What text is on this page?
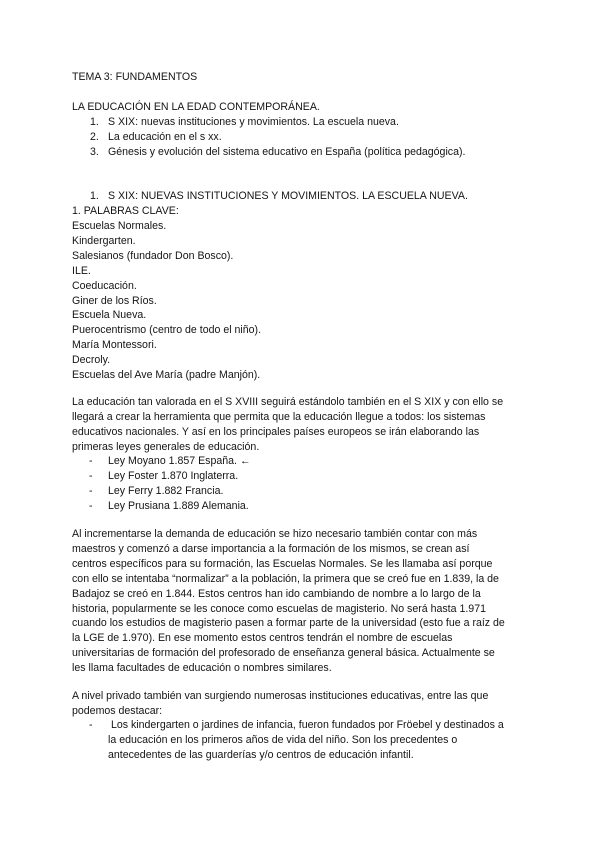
TEMA 3: FUNDAMENTOS
LA EDUCACIÓN EN LA EDAD CONTEMPORÁNEA.
1. S XIX: nuevas instituciones y movimientos. La escuela nueva.
2. La educación en el s xx.
3. Génesis y evolución del sistema educativo en España (política pedagógica).
1. S XIX: NUEVAS INSTITUCIONES Y MOVIMIENTOS. LA ESCUELA NUEVA.
1. PALABRAS CLAVE:
Escuelas Normales.
Kindergarten.
Salesianos (fundador Don Bosco).
ILE.
Coeducación.
Giner de los Ríos.
Escuela Nueva.
Puerocentrismo (centro de todo el niño).
María Montessori.
Decroly.
Escuelas del Ave María (padre Manjón).
La educación tan valorada en el S XVIII seguirá estándolo también en el S XIX y con ello se
llegará a crear la herramienta que permita que la educación llegue a todos: los sistemas
educativos nacionales. Y así en los principales países europeos se irán elaborando las
primeras leyes generales de educación.
- Ley Moyano 1.857 España. ←
- Ley Foster 1.870 Inglaterra.
- Ley Ferry 1.882 Francia.
- Ley Prusiana 1.889 Alemania.
Al incrementarse la demanda de educación se hizo necesario también contar con más
maestros y comenzó a darse importancia a la formación de los mismos, se crean así
centros específicos para su formación, las Escuelas Normales. Se les llamaba así porque
con ello se intentaba “normalizar” a la población, la primera que se creó fue en 1.839, la de
Badajoz se creó en 1.844. Estos centros han ido cambiando de nombre a lo largo de la
historia, popularmente se les conoce como escuelas de magisterio. No será hasta 1.971
cuando los estudios de magisterio pasen a formar parte de la universidad (esto fue a raíz de
la LGE de 1.970). En ese momento estos centros tendrán el nombre de escuelas
universitarias de formación del profesorado de enseñanza general básica. Actualmente se
les llama facultades de educación o nombres similares.
A nivel privado también van surgiendo numerosas instituciones educativas, entre las que
podemos destacar:
- Los kindergarten o jardines de infancia, fueron fundados por Fröebel y destinados a
la educación en los primeros años de vida del niño. Son los precedentes o
antecedentes de las guarderías y/o centros de educación infantil.
